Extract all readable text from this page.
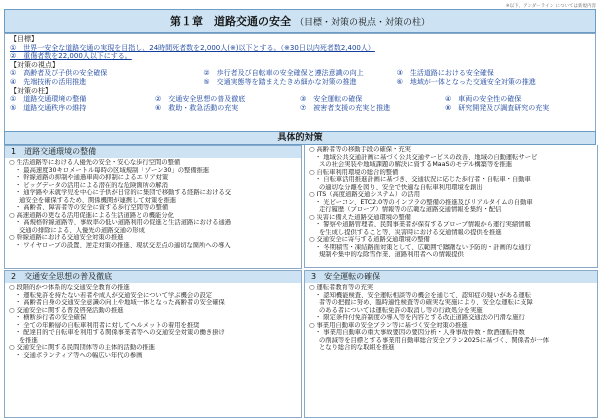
※以下、アンダーライン については新規内容
第１章　道路交通の安全 （目標・対策の視点・対策の柱）
【目標】
①　世界一安全な道路交通の実現を目指し、24時間死者数を2,000人(※)以下とする。（※30日以内死者数2,400人）
②　重傷者数を22,000人以下にする。
【対策の視点】
①　高齢者及び子供の安全確保	②　歩行者及び自転車の安全確保と遵法意識の向上	③　生活道路における安全確保
④　先端技術の活用推進	⑤　交通実態等を踏まえたきめ細かな対策の推進	⑥　地域が一体となった交通安全対策の推進
【対策の柱】
①　道路交通環境の整備	②　交通安全思想の普及徹底	③　安全運転の確保	④　車両の安全性の確保
⑤　道路交通秩序の維持	⑥　救助・救急活動の充実	⑦　被害者支援の充実と推進	⑧　研究開発及び調査研究の充実
具体的対策
1　道路交通環境の整備
○ 生活道路等における人優先の安全・安心な歩行空間の整備
・ 最高速度30キロメートル毎時の区域規制「ゾーン30」の整備推進
・ 幹線道路の抑制や通過車両の抑制によるエリア対策
・ ビッグデータの活用による潜在的な危険箇所の解消
・ 通学路や未就学児を中心に子供が日常的に集団で移動する経路における交
通安全を確保するため、関係機関が連携して対策を推進
・ 高齢者、障害者等の安全に資する歩行空間等の整備
○ 高速道路の更なる活用促進による生活道路との機能分化
・ 高規格幹線道路等、事故率の低い道路利用の促進と生活道路における通過
交通の排除による、人優先の道路交通の形成
○ 幹線道路における交通安全対策の推進
・ ワイヤロープの設置、逆走対策の推進、現状交差点の適切な箇所への導入
○ 高齢者等の移動手段の確保・充実
・ 地域公共交通計画に基づく公共交通サービスの改善、地域の自動運転サービ
スの社会実装や地域課題の解決に資するMaaSのモデル構築等を推進
○ 自転車利用環境の総合的整備
・ 自転車活用推進計画に基づき、交通状況に応じた歩行者・自転車・自動車
の適切な分離を図り、安全で快適な自転車利用環境を創出
○ ITS（高度道路交通システム）の活用
・ 光ビーコン、ETC2.0等のインフラの整備の推進及びリアルタイムの自動車
走行履歴（プローブ）情報等の広範な道路交通情報を集約・配信
○ 災害に備えた道路交通環境の整備
・ 警察や道路管理者、民間事業者が保有するプローブ情報から運行実績情報
を生成し提供すること等、災害時における交通情報の提供を推進
○ 交通安全に寄与する道路交通環境の整備
・ 冬期積雪・凍結路面対策として、広範囲で躊躇ない予防的・計画的な通行
規制や集中的な除雪作業、道路利用者への情報提供
2　交通安全思想の普及徹底
○ 段階的かつ体系的な交通安全教育の推進
・ 運転免許を持たない若者や成人が交通安全について学ぶ機会の設定
・ 高齢者自身の交通安全意識の向上や地域一体となった高齢者の安全確保
○ 交通安全に関する普及啓発活動の推進
・ 横断歩行者の安全確保
・ 全ての年齢層の自転車利用者に対してヘルメットの着用を推奨
・ 配達目的で自転車を利用する関係事業者等への交通安全対策の働き掛け
を推進
○ 交通安全に関する民間団体等の主体的活動の推進
・ 交通ボランティア等への幅広い年代の参画
3　安全運転の確保
○ 運転者教育等の充実
・ 認知機能検査、安全運転相談等の機会を通じて、認知症の疑いがある運転
者等の把握に努め、臨時適性検査等の確実な実施により、安全な運転に支障
のある者については運転免許の取消し等の行政処分を実施
・ 限定条件付免許制度の導入等を内容とする改正道路交通法の円滑な施行
○ 事業用自動車の安全プラン等に基づく安全対策の推進
・ 事業用自動車の重大事故要因の要因分析・人身事故件数・飲酒運転件数
の削減等を目標とする事業用自動車総合安全プラン2025に基づく、関係者が一体
となり総合的な取組を推進
